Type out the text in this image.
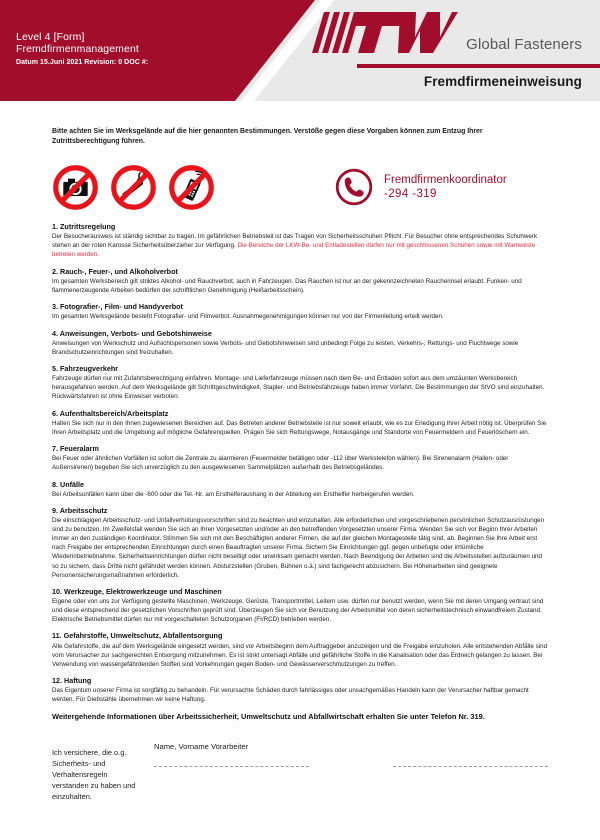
Level 4 [Form]
Fremdfirmenmanagement
Datum 15.Juni 2021 Revision: 0 DOC #:
Global Fasteners
Fremdfirmeneinweisung
Bitte achten Sie im Werksgelände auf die hier genannten Bestimmungen. Verstöße gegen diese Vorgaben können zum Entzug Ihrer Zutrittsberechtigung führen.
Fremdfirmenkoordinator
-294 -319
1. Zutrittsregelung
Der Besucherausweis ist ständig sichtbar zu tragen. Im gefährlichen Betriebsteil ist das Tragen von Sicherheitsschuhen Pflicht. Für Besucher ohne entsprechendes Schuhwerk stehen an der roten Karosse Sicherheitsüberzieher zur Verfügung. Die Bereiche der LKW-Be- und Entladestellen dürfen nur mit geschlossenen Schuhen sowie mit Warnweste betreten werden.
2. Rauch-, Feuer-, und Alkoholverbot
Im gesamten Werksbereich gilt striktes Alkohol- und Rauchverbot, auch in Fahrzeugen. Das Rauchen ist nur an der gekennzeichneten Raucherinsel erlaubt. Funken- und flammenerzeugende Arbeiten bedürfen der schriftlichen Genehmigung (Heißarbeitsschein).
3. Fotografier-, Film- und Handyverbot
Im gesamten Werksgelände besteht Fotografier- und Filmverbot. Ausnahmegenehmigungen können nur von der Firmenleitung erteilt werden.
4. Anweisungen, Verbots- und Gebotshinweise
Anweisungen von Werkschutz und Aufsichtspersonen sowie Verbots- und Gebotshinweisen sind unbedingt Folge zu leisten. Verkehrs-, Rettungs- und Fluchtwege sowie Brandschutzeinrichtungen sind freizuhalten.
5. Fahrzeugverkehr
Fahrzeuge dürfen nur mit Zufahrtsberechtigung einfahren. Montage- und Lieferfahrzeuge müssen nach dem Be- und Entladen sofort aus dem umzäunten Werksbereich herausgefahren werden. Auf dem Werksgelände gilt Schrittgeschwindigkeit, Stapler- und Betriebsfahrzeuge haben immer Vorfahrt. Die Bestimmungen der StVO sind einzuhalten. Rückwärtsfahren ist ohne Einweiser verboten.
6. Aufenthaltsbereich/Arbeitsplatz
Halten Sie sich nur in den Ihnen zugewiesenen Bereichen auf. Das Betreten anderer Betriebsteile ist nur soweit erlaubt, wie es zur Erledigung Ihrer Arbeit nötig ist. Überprüfen Sie Ihren Arbeitsplatz und die Umgebung auf mögliche Gefahrenquellen. Prägen Sie sich Rettungswege, Notausgänge und Standorte von Feuermeldern und Feuerlöschern ein.
7. Feueralarm
Bei Feuer oder ähnlichen Vorfällen ist sofort die Zentrale zu alarmieren (Feuermelder betätigen oder -112 über Werkstelefon wählen). Bei Sirenenalarm (Hallen- oder Außensirenen) begeben Sie sich unverzüglich zu den ausgewiesenen Sammelplätzen außerhalb des Betriebsgeländes.
8. Unfälle
Bei Arbeitsunfällen kann über die -600 oder die Tel.-Nr. am Ersthelferaushang in der Abteilung ein Ersthelfer herbeigerufen werden.
9. Arbeitsschutz
Die einschlägigen Arbeitsschutz- und Unfallverhütungsvorschriften sind zu beachten und einzuhalten. Alle erforderlichen und vorgeschriebenen persönlichen Schutzausrüstungen sind zu benutzen. Im Zweifelsfall wenden Sie sich an Ihren Vorgesetzten und/oder an den betreffenden Vorgesetzten unserer Firma. Wenden Sie sich vor Beginn Ihrer Arbeiten immer an den zuständigen Koordinator. Stimmen Sie sich mit den Beschäftigten anderer Firmen, die auf der gleichen Montagestelle tätig sind, ab. Beginnen Sie Ihre Arbeit erst nach Freigabe der entsprechenden Einrichtungen durch einen Beauftragten unserer Firma. Sichern Sie Einrichtungen ggf. gegen unbefugte oder irrtümliche Wiederinbetriebnahme. Sicherheitseinrichtungen dürfen nicht beseitigt oder unwirksam gemacht werden. Nach Beendigung der Arbeiten sind die Arbeitsstellen aufzuräumen und so zu sichern, dass Dritte nicht gefährdet werden können. Absturzstellen (Gruben, Bühnen o.ä.) sind fachgerecht abzusichern. Bei Höhenarbeiten sind geeignete Personensicherungsmaßnahmen erforderlich.
10. Werkzeuge, Elektrowerkzeuge und Maschinen
Eigene oder von uns zur Verfügung gestellte Maschinen, Werkzeuge, Gerüste, Transportmittel, Leitern usw. dürfen nur benutzt werden, wenn Sie mit deren Umgang vertraut sind und diese entsprechend der gesetzlichen Vorschriften geprüft sind. Überzeugen Sie sich vor Benutzung der Arbeitsmittel von deren sicherheitstechnisch einwandfreiem Zustand. Elektrische Betriebsmittel dürfen nur mit vorgeschalteten Schutzorganen (FI/RCD) betrieben werden.
11. Gefahrstoffe, Umweltschutz, Abfallentsorgung
Alle Gefahrstoffe, die auf dem Werksgelände eingesetzt werden, sind vor Arbeitsbeginn dem Auftraggeber anzuzeigen und die Freigabe einzuholen. Alle entstehenden Abfälle sind vom Verursacher zur sachgerechten Entsorgung mitzunehmen. Es ist strikt untersagt Abfälle und gefährliche Stoffe in die Kanalisation oder das Erdreich gelangen zu lassen. Bei Verwendung von wassergefährdenden Stoffen sind Vorkehrungen gegen Boden- und Gewässerverschmutzungen zu treffen.
12. Haftung
Das Eigentum unserer Firma ist sorgfältig zu behandeln. Für verursachte Schäden durch fahrlässiges oder unsachgemäßes Handeln kann der Verursacher haftbar gemacht werden. Für Diebstähle übernehmen wir keine Haftung.
Weitergehende Informationen über Arbeitssicherheit, Umweltschutz und Abfallwirtschaft erhalten Sie unter Telefon Nr. 319.
Ich versichere, die o.g. Sicherheits- und Verhaltensregeln verstanden zu haben und einzuhalten.
Name, Vorname Vorarbeiter
